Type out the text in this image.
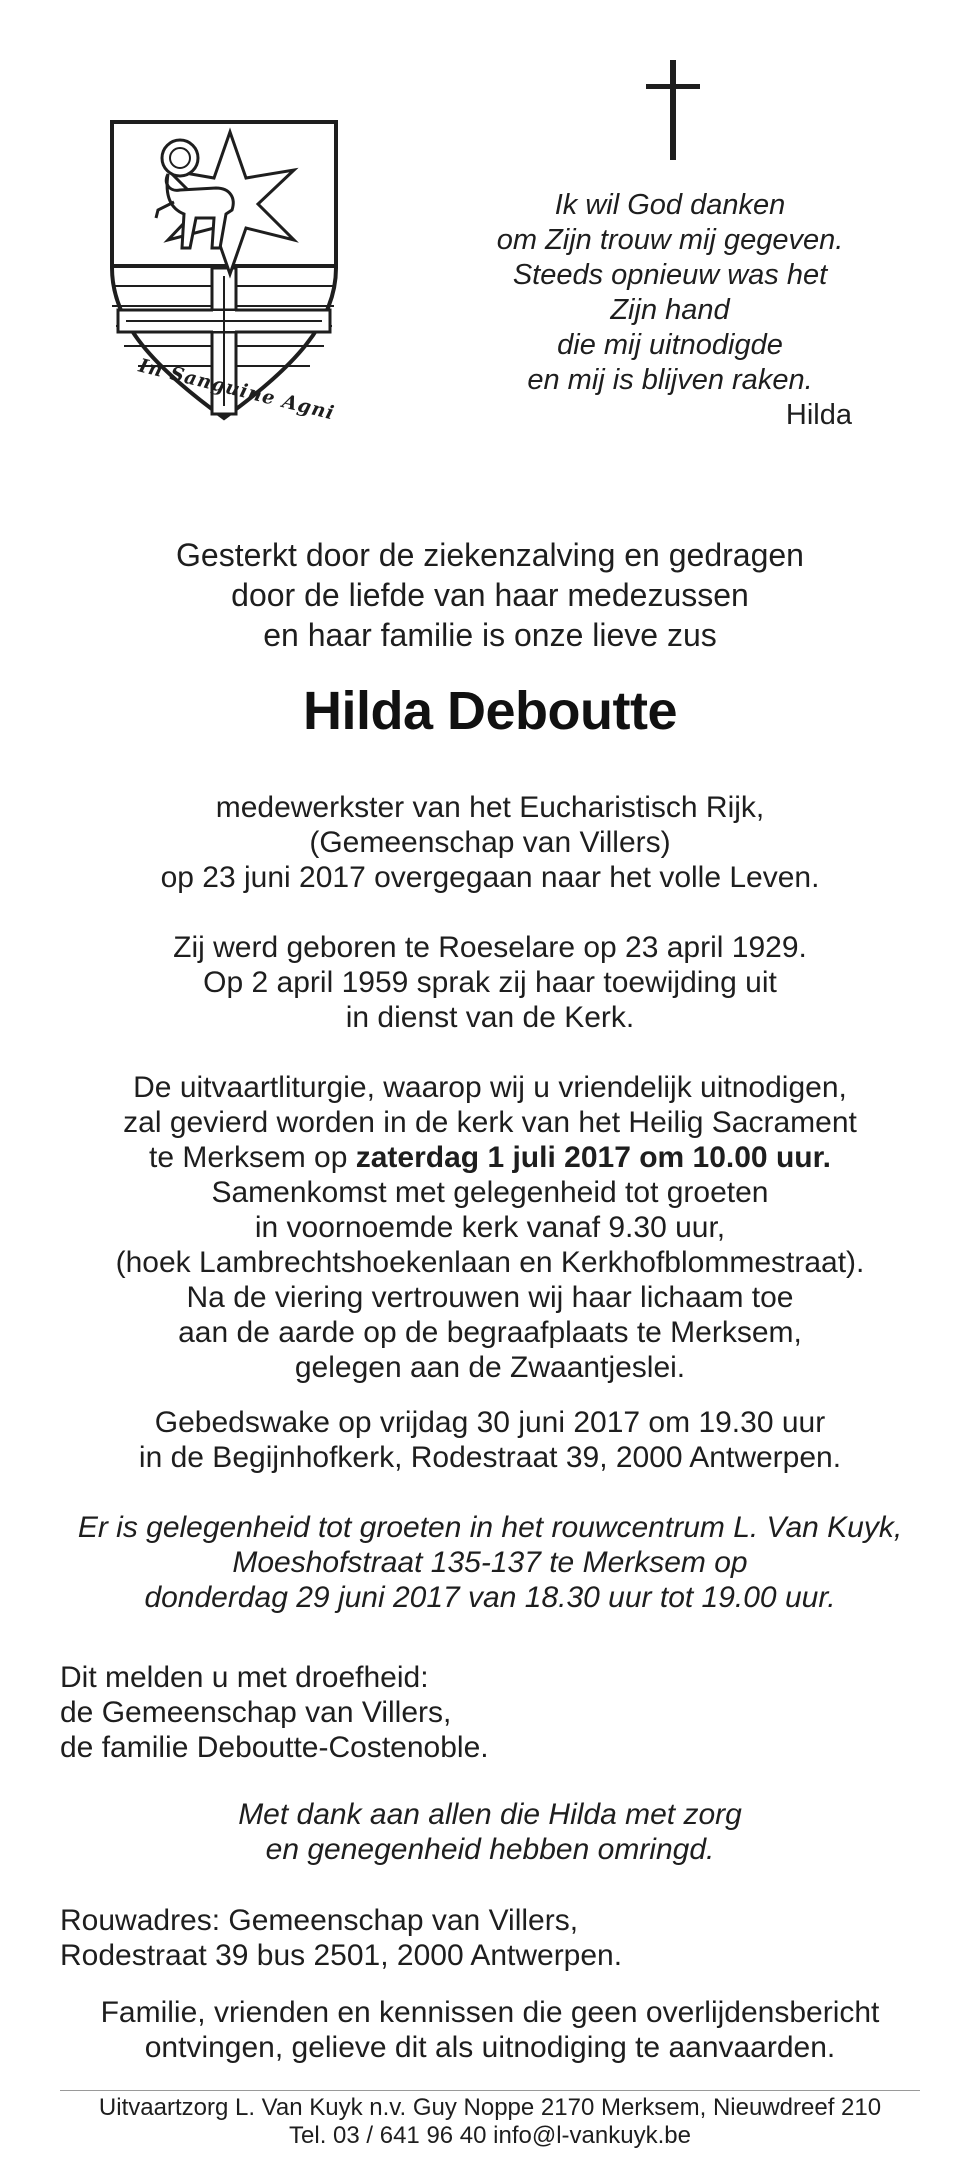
In Sanguine Agni
Ik wil God danken
om Zijn trouw mij gegeven.
Steeds opnieuw was het
Zijn hand
die mij uitnodigde
en mij is blijven raken.
Hilda
Gesterkt door de ziekenzalving en gedragen
door de liefde van haar medezussen
en haar familie is onze lieve zus
Hilda Deboutte
medewerkster van het Eucharistisch Rijk,
(Gemeenschap van Villers)
op 23 juni 2017 overgegaan naar het volle Leven.
Zij werd geboren te Roeselare op 23 april 1929.
Op 2 april 1959 sprak zij haar toewijding uit
in dienst van de Kerk.
De uitvaartliturgie, waarop wij u vriendelijk uitnodigen,
zal gevierd worden in de kerk van het Heilig Sacrament
te Merksem op zaterdag 1 juli 2017 om 10.00 uur.
Samenkomst met gelegenheid tot groeten
in voornoemde kerk vanaf 9.30 uur,
(hoek Lambrechtshoekenlaan en Kerkhofblommestraat).
Na de viering vertrouwen wij haar lichaam toe
aan de aarde op de begraafplaats te Merksem,
gelegen aan de Zwaantjeslei.
Gebedswake op vrijdag 30 juni 2017 om 19.30 uur
in de Begijnhofkerk, Rodestraat 39, 2000 Antwerpen.
Er is gelegenheid tot groeten in het rouwcentrum L. Van Kuyk,
Moeshofstraat 135-137 te Merksem op
donderdag 29 juni 2017 van 18.30 uur tot 19.00 uur.
Dit melden u met droefheid:
de Gemeenschap van Villers,
de familie Deboutte-Costenoble.
Met dank aan allen die Hilda met zorg
en genegenheid hebben omringd.
Rouwadres: Gemeenschap van Villers,
Rodestraat 39 bus 2501, 2000 Antwerpen.
Familie, vrienden en kennissen die geen overlijdensbericht
ontvingen, gelieve dit als uitnodiging te aanvaarden.
Uitvaartzorg L. Van Kuyk n.v. Guy Noppe 2170 Merksem, Nieuwdreef 210
Tel. 03 / 641 96 40 info@l-vankuyk.be
